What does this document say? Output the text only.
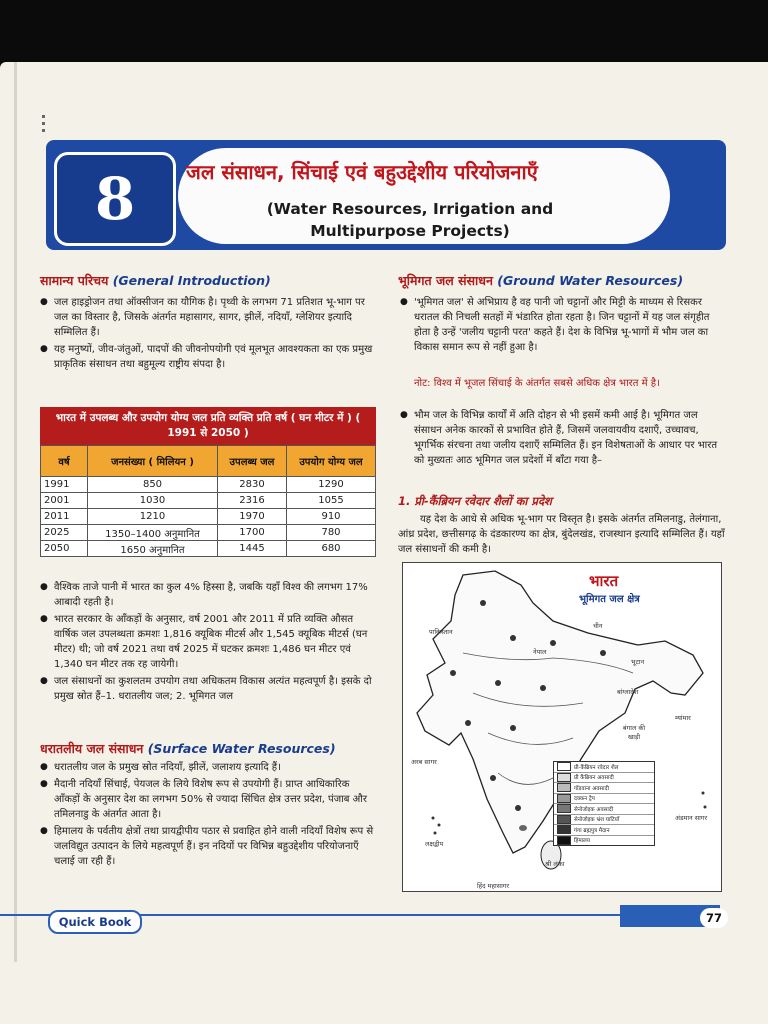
8	जल संसाधन, सिंचाई एवं बहुउद्देशीय परियोजनाएँ
(Water Resources, Irrigation and Multipurpose Projects)
सामान्य परिचय (General Introduction)
● जल हाइड्रोजन तथा ऑक्सीजन का यौगिक है। पृथ्वी के लगभग 71 प्रतिशत भू-भाग पर जल का विस्तार है, जिसके अंतर्गत महासागर, सागर, झीलें, नदियाँ, ग्लेशियर इत्यादि सम्मिलित हैं।
● यह मनुष्यों, जीव-जंतुओं, पादपों की जीवनोपयोगी एवं मूलभूत आवश्यकता का एक प्रमुख प्राकृतिक संसाधन तथा बहुमूल्य राष्ट्रीय संपदा है।
भारत में उपलब्ध और उपयोग योग्य जल प्रति व्यक्ति प्रति वर्ष ( घन मीटर में ) ( 1991 से 2050 )
वर्ष	जनसंख्या ( मिलियन )	उपलब्ध जल	उपयोग योग्य जल
1991	850	2830	1290
2001	1030	2316	1055
2011	1210	1970	910
2025	1350–1400 अनुमानित	1700	780
2050	1650 अनुमानित	1445	680
● वैश्विक ताजे पानी में भारत का कुल 4% हिस्सा है, जबकि यहाँ विश्व की लगभग 17% आबादी रहती है।
● भारत सरकार के आँकड़ों के अनुसार, वर्ष 2001 और 2011 में प्रति व्यक्ति औसत वार्षिक जल उपलब्धता क्रमशः 1,816 क्यूबिक मीटर्स और 1,545 क्यूबिक मीटर्स (घन मीटर) थी; जो वर्ष 2021 तथा वर्ष 2025 में घटकर क्रमशः 1,486 घन मीटर एवं 1,340 घन मीटर तक रह जायेगी।
● जल संसाधनों का कुशलतम उपयोग तथा अधिकतम विकास अत्यंत महत्वपूर्ण है। इसके दो प्रमुख स्रोत हैं–1. धरातलीय जल; 2. भूमिगत जल
धरातलीय जल संसाधन (Surface Water Resources)
● धरातलीय जल के प्रमुख स्रोत नदियाँ, झीलें, जलाशय इत्यादि हैं।
● मैदानी नदियाँ सिंचाई, पेयजल के लिये विशेष रूप से उपयोगी हैं। प्राप्त आधिकारिक आँकड़ों के अनुसार देश का लगभग 50% से ज्यादा सिंचित क्षेत्र उत्तर प्रदेश, पंजाब और तमिलनाडु के अंतर्गत आता है।
● हिमालय के पर्वतीय क्षेत्रों तथा प्रायद्वीपीय पठार से प्रवाहित होने वाली नदियाँ विशेष रूप से जलविद्युत उत्पादन के लिये महत्वपूर्ण हैं। इन नदियों पर विभिन्न बहुउद्देशीय परियोजनाएँ चलाई जा रही हैं।
भूमिगत जल संसाधन (Ground Water Resources)
● 'भूमिगत जल' से अभिप्राय है वह पानी जो चट्टानों और मिट्टी के माध्यम से रिसकर धरातल की निचली सतहों में भंडारित होता रहता है। जिन चट्टानों में यह जल संगृहीत होता है उन्हें 'जलीय चट्टानी परत' कहते हैं। देश के विभिन्न भू-भागों में भौम जल का विकास समान रूप से नहीं हुआ है।
नोट: विश्व में भूजल सिंचाई के अंतर्गत सबसे अधिक क्षेत्र भारत में है।
● भौम जल के विभिन्न कार्यों में अति दोहन से भी इसमें कमी आई है। भूमिगत जल संसाधन अनेक कारकों से प्रभावित होते हैं, जिसमें जलवायवीय दशाएँ, उच्चावच, भूगर्भिक संरचना तथा जलीय दशाएँ सम्मिलित हैं। इन विशेषताओं के आधार पर भारत को मुख्यतः आठ भूमिगत जल प्रदेशों में बाँटा गया है–
1. प्री-कैंब्रियन रवेदार शैलों का प्रदेश
यह देश के आधे से अधिक भू-भाग पर विस्तृत है। इसके अंतर्गत तमिलनाडु, तेलंगाना, आंध्र प्रदेश, छत्तीसगढ़ के दंडकारण्य का क्षेत्र, बुंदेलखंड, राजस्थान इत्यादि सम्मिलित हैं। यहाँ जल संसाधनों की कमी है।
भारत
भूमिगत जल क्षेत्र
चीन
पाकिस्तान
नेपाल
भूटान
बांग्लादेश
म्यांमार
बंगाल की खाड़ी
अरब सागर
लक्षद्वीप
श्री लंका
अंडमान सागर
हिंद महासागर
प्री-कैंब्रियन रवेदार शैल
प्री कैंब्रियन अवसादी
गोंडवाना अवसादी
दक्कन ट्रैप
सेनोजोइक अवसादी
सेनोजोइक भ्रंश घाटियाँ
गंगा ब्रह्मपुत्र मैदान
हिमालय
Quick Book	77
